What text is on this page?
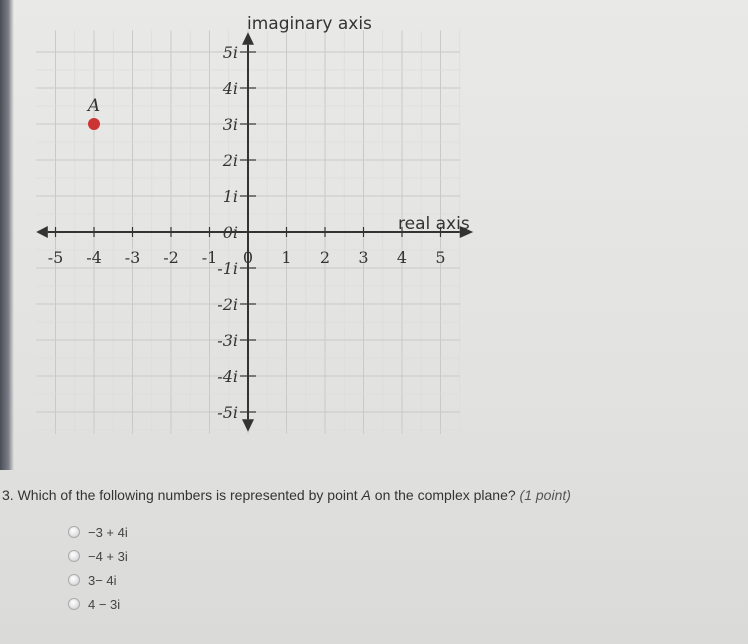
-5 -4 -3 -2 -1 0 1 2 3 4 5
5i
4i
3i
2i
1i
0i
-1i
-2i
-3i
-4i
-5i
A
imaginary axis
real axis
3. Which of the following numbers is represented by point A on the complex plane? (1 point)
−3 + 4i
−4 + 3i
3− 4i
4 − 3i
